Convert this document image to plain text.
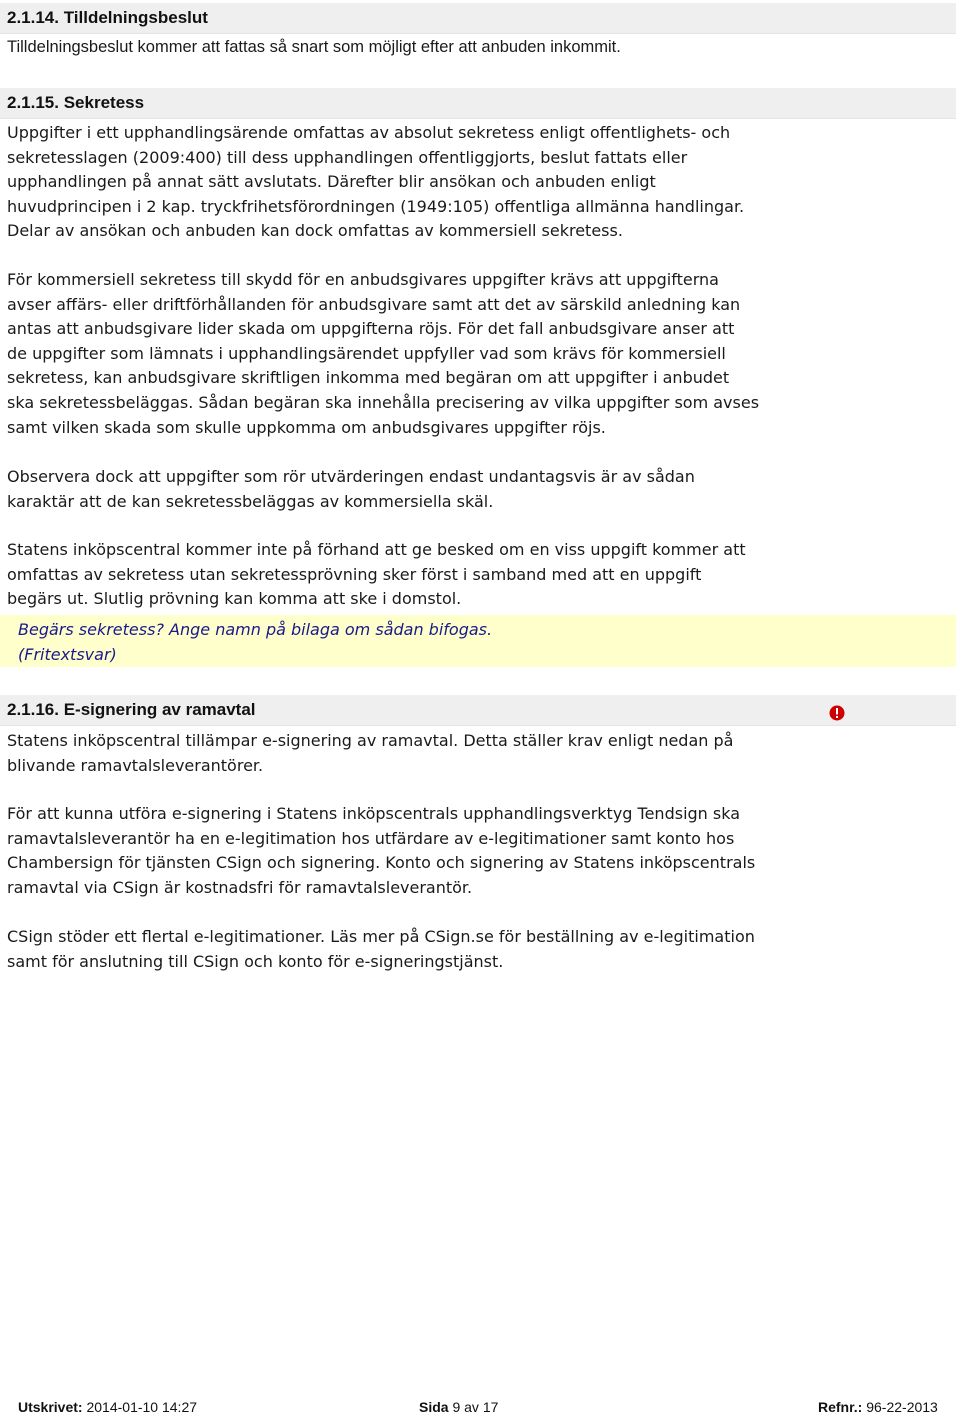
2.1.14. Tilldelningsbeslut
Tilldelningsbeslut kommer att fattas så snart som möjligt efter att anbuden inkommit.
2.1.15. Sekretess
Uppgifter i ett upphandlingsärende omfattas av absolut sekretess enligt offentlighets- och
sekretesslagen (2009:400) till dess upphandlingen offentliggjorts, beslut fattats eller
upphandlingen på annat sätt avslutats. Därefter blir ansökan och anbuden enligt
huvudprincipen i 2 kap. tryckfrihetsförordningen (1949:105) offentliga allmänna handlingar.
Delar av ansökan och anbuden kan dock omfattas av kommersiell sekretess.
För kommersiell sekretess till skydd för en anbudsgivares uppgifter krävs att uppgifterna
avser affärs- eller driftförhållanden för anbudsgivare samt att det av särskild anledning kan
antas att anbudsgivare lider skada om uppgifterna röjs. För det fall anbudsgivare anser att
de uppgifter som lämnats i upphandlingsärendet uppfyller vad som krävs för kommersiell
sekretess, kan anbudsgivare skriftligen inkomma med begäran om att uppgifter i anbudet
ska sekretessbeläggas. Sådan begäran ska innehålla precisering av vilka uppgifter som avses
samt vilken skada som skulle uppkomma om anbudsgivares uppgifter röjs.
Observera dock att uppgifter som rör utvärderingen endast undantagsvis är av sådan
karaktär att de kan sekretessbeläggas av kommersiella skäl.
Statens inköpscentral kommer inte på förhand att ge besked om en viss uppgift kommer att
omfattas av sekretess utan sekretessprövning sker först i samband med att en uppgift
begärs ut. Slutlig prövning kan komma att ske i domstol.
Begärs sekretess? Ange namn på bilaga om sådan bifogas.
(Fritextsvar)
2.1.16. E-signering av ramavtal
Statens inköpscentral tillämpar e-signering av ramavtal. Detta ställer krav enligt nedan på
blivande ramavtalsleverantörer.
För att kunna utföra e-signering i Statens inköpscentrals upphandlingsverktyg Tendsign ska
ramavtalsleverantör ha en e-legitimation hos utfärdare av e-legitimationer samt konto hos
Chambersign för tjänsten CSign och signering. Konto och signering av Statens inköpscentrals
ramavtal via CSign är kostnadsfri för ramavtalsleverantör.
CSign stöder ett flertal e-legitimationer. Läs mer på CSign.se för beställning av e-legitimation
samt för anslutning till CSign och konto för e-signeringstjänst.
Utskrivet: 2014-01-10 14:27	Sida 9 av 17	Refnr.: 96-22-2013
